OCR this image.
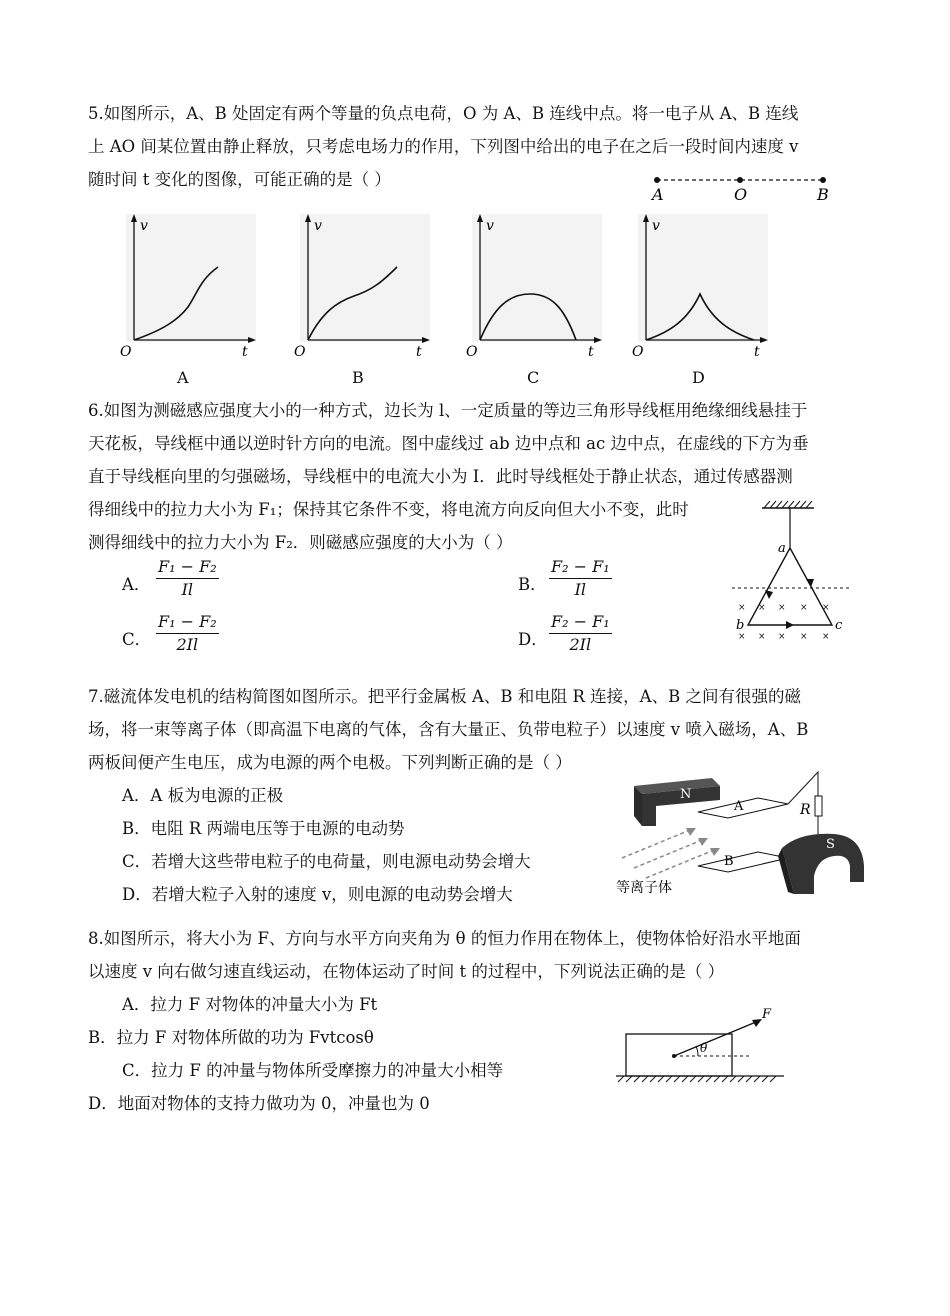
5.如图所示，A、B 处固定有两个等量的负点电荷，O 为 A、B 连线中点。将一电子从 A、B 连线
上 AO 间某位置由静止释放，只考虑电场力的作用，下列图中给出的电子在之后一段时间内速度 v
随时间 t 变化的图像，可能正确的是（ ）
A	O	B
v
t
O
A
v
t
O
B
v
t
O
C
v
t
O
D
6.如图为测磁感应强度大小的一种方式，边长为 l、一定质量的等边三角形导线框用绝缘细线悬挂于
天花板，导线框中通以逆时针方向的电流。图中虚线过 ab 边中点和 ac 边中点，在虚线的下方为垂
直于导线框向里的匀强磁场，导线框中的电流大小为 I．此时导线框处于静止状态，通过传感器测
得细线中的拉力大小为 F₁；保持其它条件不变，将电流方向反向但大小不变，此时
测得细线中的拉力大小为 F₂．则磁感应强度的大小为（ ）
A． $\frac{\text{F₁ − F₂}}{Il}$	B． $\frac{\text{F₂ − F₁}}{Il}$
C． $\frac{\text{F₁ − F₂}}{2Il}$	D． $\frac{\text{F₂ − F₁}}{2Il}$
× × × × ×
× × × × ×
a
b	c
7.磁流体发电机的结构简图如图所示。把平行金属板 A、B 和电阻 R 连接，A、B 之间有很强的磁
场，将一束等离子体（即高温下电离的气体，含有大量正、负带电粒子）以速度 v 喷入磁场，A、B
两板间便产生电压，成为电源的两个电极。下列判断正确的是（ ）
A．A 板为电源的正极
B．电阻 R 两端电压等于电源的电动势
C．若增大这些带电粒子的电荷量，则电源电动势会增大
D．若增大粒子入射的速度 v，则电源的电动势会增大
N
A
B
R
S
等离子体
8.如图所示，将大小为 F、方向与水平方向夹角为 θ 的恒力作用在物体上，使物体恰好沿水平地面
以速度 v 向右做匀速直线运动，在物体运动了时间 t 的过程中，下列说法正确的是（ ）
A．拉力 F 对物体的冲量大小为 Ft
B．拉力 F 对物体所做的功为 Fvtcosθ
C．拉力 F 的冲量与物体所受摩擦力的冲量大小相等
D．地面对物体的支持力做功为 0，冲量也为 0
F
θ
